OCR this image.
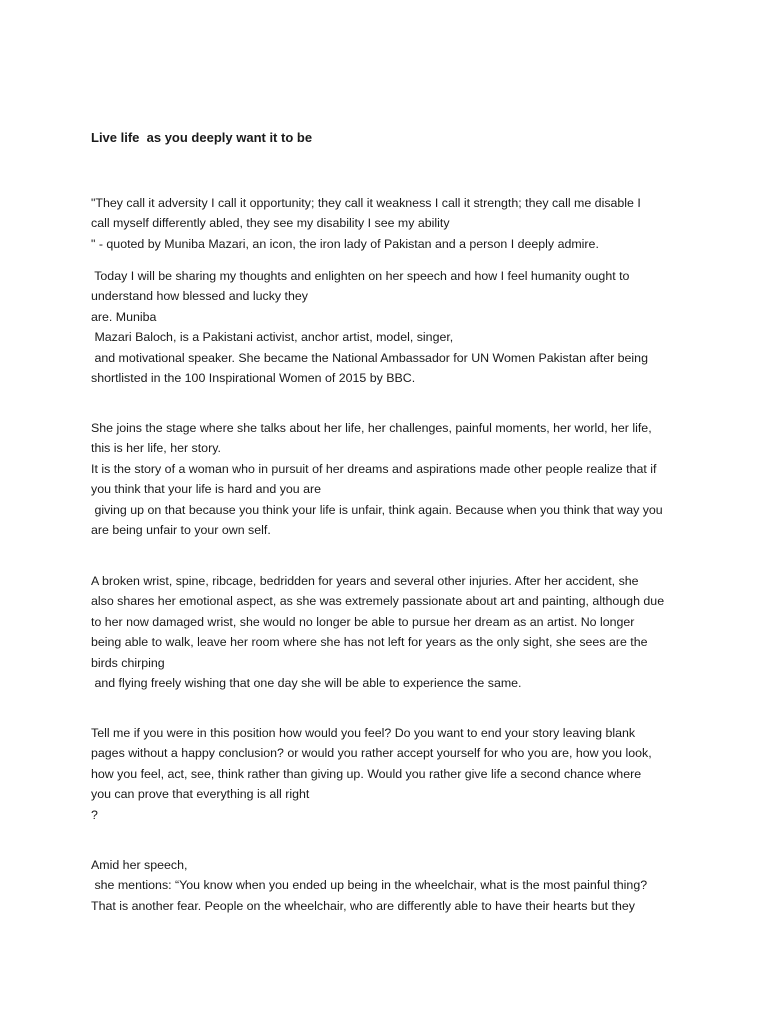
Live life  as you deeply want it to be
"They call it adversity I call it opportunity; they call it weakness I call it strength; they call me disable I
call myself differently abled, they see my disability I see my ability
" - quoted by Muniba Mazari, an icon, the iron lady of Pakistan and a person I deeply admire.
Today I will be sharing my thoughts and enlighten on her speech and how I feel humanity ought to
understand how blessed and lucky they
are. Muniba
Mazari Baloch, is a Pakistani activist, anchor artist, model, singer,
and motivational speaker. She became the National Ambassador for UN Women Pakistan after being
shortlisted in the 100 Inspirational Women of 2015 by BBC.
She joins the stage where she talks about her life, her challenges, painful moments, her world, her life,
this is her life, her story.
It is the story of a woman who in pursuit of her dreams and aspirations made other people realize that if
you think that your life is hard and you are
giving up on that because you think your life is unfair, think again. Because when you think that way you
are being unfair to your own self.
A broken wrist, spine, ribcage, bedridden for years and several other injuries. After her accident, she
also shares her emotional aspect, as she was extremely passionate about art and painting, although due
to her now damaged wrist, she would no longer be able to pursue her dream as an artist. No longer
being able to walk, leave her room where she has not left for years as the only sight, she sees are the
birds chirping
and flying freely wishing that one day she will be able to experience the same.
Tell me if you were in this position how would you feel? Do you want to end your story leaving blank
pages without a happy conclusion? or would you rather accept yourself for who you are, how you look,
how you feel, act, see, think rather than giving up. Would you rather give life a second chance where
you can prove that everything is all right
?
Amid her speech,
she mentions: “You know when you ended up being in the wheelchair, what is the most painful thing?
That is another fear. People on the wheelchair, who are differently able to have their hearts but they
